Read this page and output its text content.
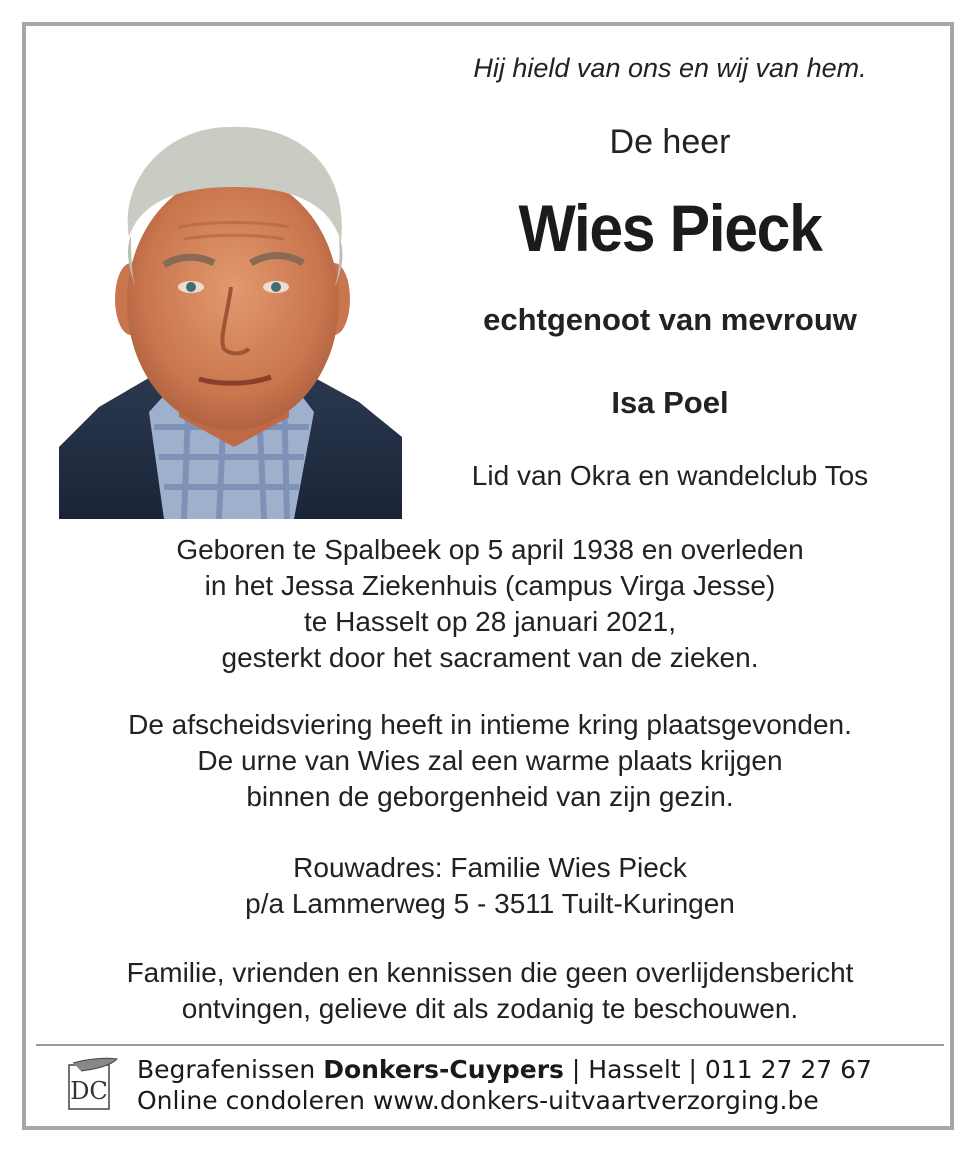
Hij hield van ons en wij van hem.
De heer
Wies Pieck
echtgenoot van mevrouw
Isa Poel
Lid van Okra en wandelclub Tos
Geboren te Spalbeek op 5 april 1938 en overleden
in het Jessa Ziekenhuis (campus Virga Jesse)
te Hasselt op 28 januari 2021,
gesterkt door het sacrament van de zieken.
De afscheidsviering heeft in intieme kring plaatsgevonden.
De urne van Wies zal een warme plaats krijgen
binnen de geborgenheid van zijn gezin.
Rouwadres: Familie Wies Pieck
p/a Lammerweg 5 - 3511 Tuilt-Kuringen
Familie, vrienden en kennissen die geen overlijdensbericht
ontvingen, gelieve dit als zodanig te beschouwen.
DC
Begrafenissen Donkers-Cuypers | Hasselt | 011 27 27 67
Online condoleren www.donkers-uitvaartverzorging.be
